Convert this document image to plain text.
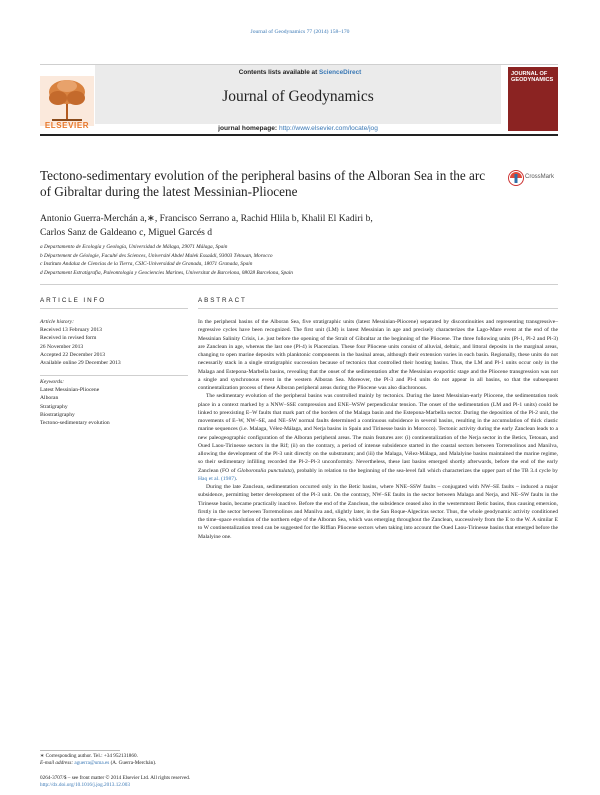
Journal of Geodynamics 77 (2014) 158–170
Contents lists available at ScienceDirect
Journal of Geodynamics
journal homepage: http://www.elsevier.com/locate/jog
ELSEVIER
JOURNAL OF GEODYNAMICS
Tectono-sedimentary evolution of the peripheral basins of the Alboran Sea in the arc of Gibraltar during the latest Messinian-Pliocene
CrossMark
Antonio Guerra-Merchán a,∗, Francisco Serrano a, Rachid Hlila b, Khalil El Kadiri b,
Carlos Sanz de Galdeano c, Miguel Garcés d
a Departamento de Ecología y Geología, Universidad de Málaga, 29071 Málaga, Spain
b Département de Géologie, Faculté des Sciences, Université Abdel Malek Essaâdi, 93003 Tétouan, Morocco
c Instituto Andaluz de Ciencias de la Tierra, CSIC-Universidad de Granada, 18071 Granada, Spain
d Departament Estratigrafia, Paleontologia y Geociencies Marines, Universitat de Barcelona, 08028 Barcelona, Spain
ARTICLE INFO	ABSTRACT
Article history:
Received 13 February 2013
Received in revised form
26 November 2013
Accepted 22 December 2013
Available online 29 December 2013
Keywords:
Latest Messinian-Pliocene
Alboran
Stratigraphy
Biostratigraphy
Tectono-sedimentary evolution

In the peripheral basins of the Alboran Sea, five stratigraphic units (latest Messinian-Pliocene) separated by discontinuities and representing transgressive–regressive cycles have been recognized. The first unit (LM) is latest Messinian in age and precisely characterizes the Lago-Mare event at the end of the Messinian Salinity Crisis, i.e. just before the opening of the Strait of Gibraltar at the beginning of the Pliocene. The three following units (Pl-1, Pl-2 and Pl-3) are Zanclean in age, whereas the last one (Pl-4) is Piacenzian. These four Pliocene units consist of alluvial, deltaic, and littoral deposits in the marginal areas, changing to open marine deposits with planktonic components in the basinal areas, although their extension varies in each basin. Regionally, these units do not necessarily stack in a single stratigraphic succession because of tectonics that controlled their hosting basins. Thus, the LM and Pl-1 units occur only in the Malaga and Estepona-Marbella basins, revealing that the onset of the sedimentation after the Messinian evaporitic stage and the Pliocene transgression was not a single and synchronous event in the western Alboran Sea. Moreover, the Pl-3 and Pl-4 units do not appear in all basins, so that the subsequent continentalization process of these Alboran peripheral areas during the Pliocene was also diachronous.

The sedimentary evolution of the peripheral basins was controlled mainly by tectonics. During the latest Messinian-early Pliocene, the sedimentation took place in a context marked by a NNW–SSE compression and ENE–WSW perpendicular tension. The onset of the sedimentation (LM and Pl-1 units) could be linked to preexisting E–W faults that mark part of the borders of the Malaga basin and the Estepona-Marbella sector. During the deposition of the Pl-2 unit, the movements of E–W, NW–SE, and NE–SW normal faults determined a continuous subsidence in several basins, resulting in the accumulation of thick clastic marine sequences (i.e. Malaga, Vélez-Málaga, and Nerja basins in Spain and Tirinesse basin in Morocco). Tectonic activity during the early Zanclean leads to a new paleogeographic configuration of the Alboran peripheral areas. The main features are: (i) continentalization of the Nerja sector in the Betics, Tetouan, and Oued Laou-Tirinesse sectors in the Rif; (ii) on the contrary, a period of intense subsidence started in the coastal sectors between Torremolinos and Manilva, allowing the development of the Pl-3 unit directly on the substratum; and (iii) the Malaga, Vélez-Málaga, and Malalyine basins maintained the marine regime, so their sedimentary infilling recorded the Pl-2–Pl-3 unconformity. Nevertheless, these last basins emerged shortly afterwards, before the end of the early Zanclean (FO of Globorotalia punctulata), probably in relation to the beginning of the sea-level fall which characterizes the upper part of the TB 3.4 cycle by Haq et al. (1987).

During the late Zanclean, sedimentation occurred only in the Betic basins, where NNE–SSW faults – conjugated with NW–SE faults – induced a major subsidence, permitting better development of the Pl-3 unit. On the contrary, NW–SE faults in the sector between Malaga and Nerja, and NE–SW faults in the Tirinesse basin, became practically inactive. Before the end of the Zanclean, the subsidence ceased also in the westernmost Betic basins, thus causing emersion, firstly in the sector between Torremolinos and Manilva and, slightly later, in the San Roque-Algeciras sector. Thus, the whole geodynamic activity conditioned the time–space evolution of the northern edge of the Alboran Sea, which was emerging throughout the Zanclean, successively from the E to the W. A similar E to W continentalization trend can be suggested for the Riffian Pliocene sectors when taking into account the Oued Laou-Tirinesse basins that emerged before the Malalyine one.

∗ Corresponding author. Tel.: +34 952131860.
E-mail address: aguerra@uma.es (A. Guerra-Merchán).
0264-3707/$ – see front matter © 2014 Elsevier Ltd. All rights reserved.
http://dx.doi.org/10.1016/j.jog.2013.12.003
